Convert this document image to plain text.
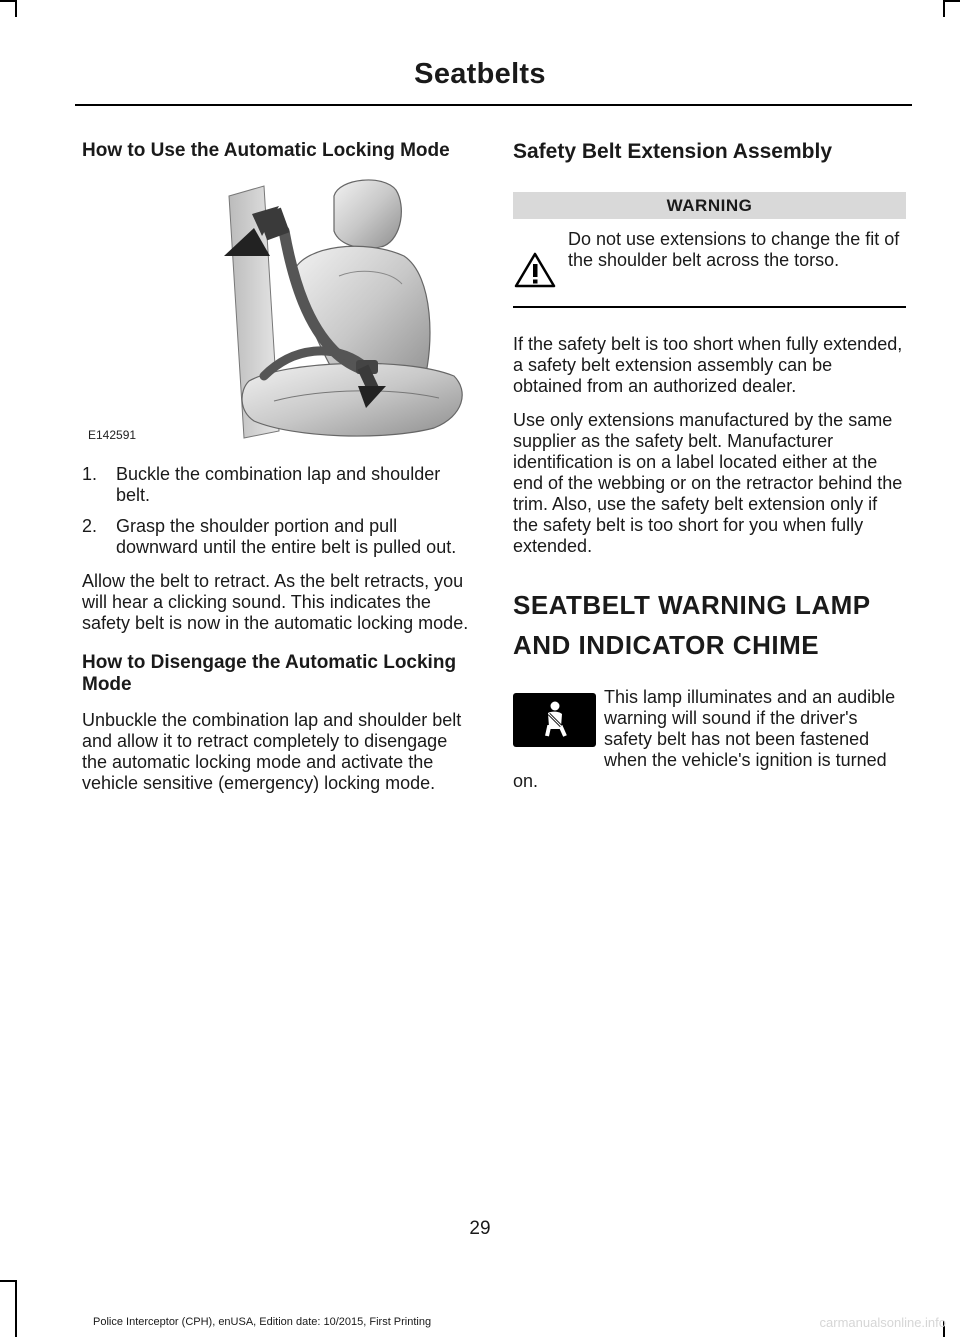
Seatbelts
How to Use the Automatic Locking Mode
E142591
1.	Buckle the combination lap and shoulder belt.
2.	Grasp the shoulder portion and pull downward until the entire belt is pulled out.

Allow the belt to retract. As the belt retracts, you will hear a clicking sound. This indicates the safety belt is now in the automatic locking mode.

How to Disengage the Automatic Locking Mode

Unbuckle the combination lap and shoulder belt and allow it to retract completely to disengage the automatic locking mode and activate the vehicle sensitive (emergency) locking mode.

Safety Belt Extension Assembly
WARNING
Do not use extensions to change the fit of the shoulder belt across the torso.

If the safety belt is too short when fully extended, a safety belt extension assembly can be obtained from an authorized dealer.

Use only extensions manufactured by the same supplier as the safety belt. Manufacturer identification is on a label located either at the end of the webbing or on the retractor behind the trim. Also, use the safety belt extension only if the safety belt is too short for you when fully extended.

SEATBELT WARNING LAMP
AND INDICATOR CHIME

This lamp illuminates and an audible warning will sound if the driver's safety belt has not been fastened when the vehicle's ignition is turned on.

29
Police Interceptor (CPH), enUSA, Edition date: 10/2015, First Printing	carmanualsonline.info
